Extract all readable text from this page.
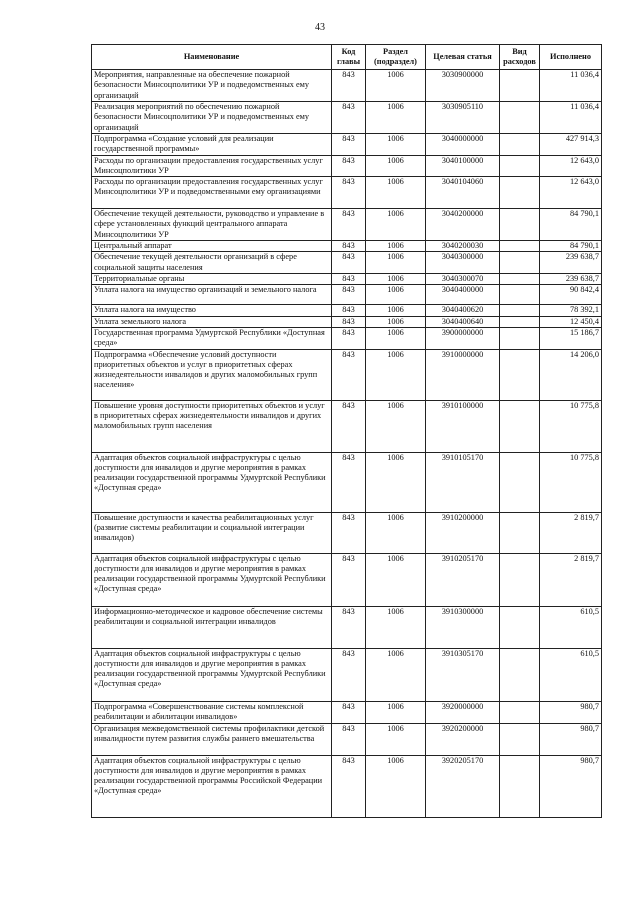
43
Наименование	Код главы	Раздел (подраздел)	Целевая статья	Вид расходов	Исполнено
Мероприятия, направленные на обеспечение пожарной безопасности Минсоцполитики УР и подведомственных ему организаций	843	1006	3030900000		11 036,4
Реализация мероприятий по обеспечению пожарной безопасности Минсоцполитики УР и подведомственных ему организаций	843	1006	3030905110		11 036,4
Подпрограмма «Создание условий для реализации государственной программы»	843	1006	3040000000		427 914,3
Расходы по организации предоставления государственных услуг Минсоцполитики УР	843	1006	3040100000		12 643,0
Расходы по организации предоставления государственных услуг Минсоцполитики УР и подведомственными ему организациями	843	1006	3040104060		12 643,0
Обеспечение текущей деятельности, руководство и управление в сфере установленных функций центрального аппарата Минсоцполитики УР	843	1006	3040200000		84 790,1
Центральный аппарат	843	1006	3040200030		84 790,1
Обеспечение текущей деятельности организаций в сфере социальной защиты населения	843	1006	3040300000		239 638,7
Территориальные органы	843	1006	3040300070		239 638,7
Уплата налога на имущество организаций и земельного налога	843	1006	3040400000		90 842,4
Уплата налога на имущество	843	1006	3040400620		78 392,1
Уплата земельного налога	843	1006	3040400640		12 450,4
Государственная программа Удмуртской Республики «Доступная среда»	843	1006	3900000000		15 186,7
Подпрограмма «Обеспечение условий доступности приоритетных объектов и услуг в приоритетных сферах жизнедеятельности инвалидов и других маломобильных групп населения»	843	1006	3910000000		14 206,0
Повышение уровня доступности приоритетных объектов и услуг в приоритетных сферах жизнедеятельности инвалидов и других маломобильных групп населения	843	1006	3910100000		10 775,8
Адаптация объектов социальной инфраструктуры с целью доступности для инвалидов и другие мероприятия в рамках реализации государственной программы Удмуртской Республики «Доступная среда»	843	1006	3910105170		10 775,8
Повышение доступности и качества реабилитационных услуг (развитие системы реабилитации и социальной интеграции инвалидов)	843	1006	3910200000		2 819,7
Адаптация объектов социальной инфраструктуры с целью доступности для инвалидов и другие мероприятия в рамках реализации государственной программы Удмуртской Республики «Доступная среда»	843	1006	3910205170		2 819,7
Информационно-методическое и кадровое обеспечение системы реабилитации и социальной интеграции инвалидов	843	1006	3910300000		610,5
Адаптация объектов социальной инфраструктуры с целью доступности для инвалидов и другие мероприятия в рамках реализации государственной программы Удмуртской Республики «Доступная среда»	843	1006	3910305170		610,5
Подпрограмма «Совершенствование системы комплексной реабилитации и абилитации инвалидов»	843	1006	3920000000		980,7
Организация межведомственной системы профилактики детской инвалидности путем развития службы раннего вмешательства	843	1006	3920200000		980,7
Адаптация объектов социальной инфраструктуры с целью доступности для инвалидов и другие мероприятия в рамках реализации государственной программы Российской Федерации «Доступная среда»	843	1006	3920205170		980,7
